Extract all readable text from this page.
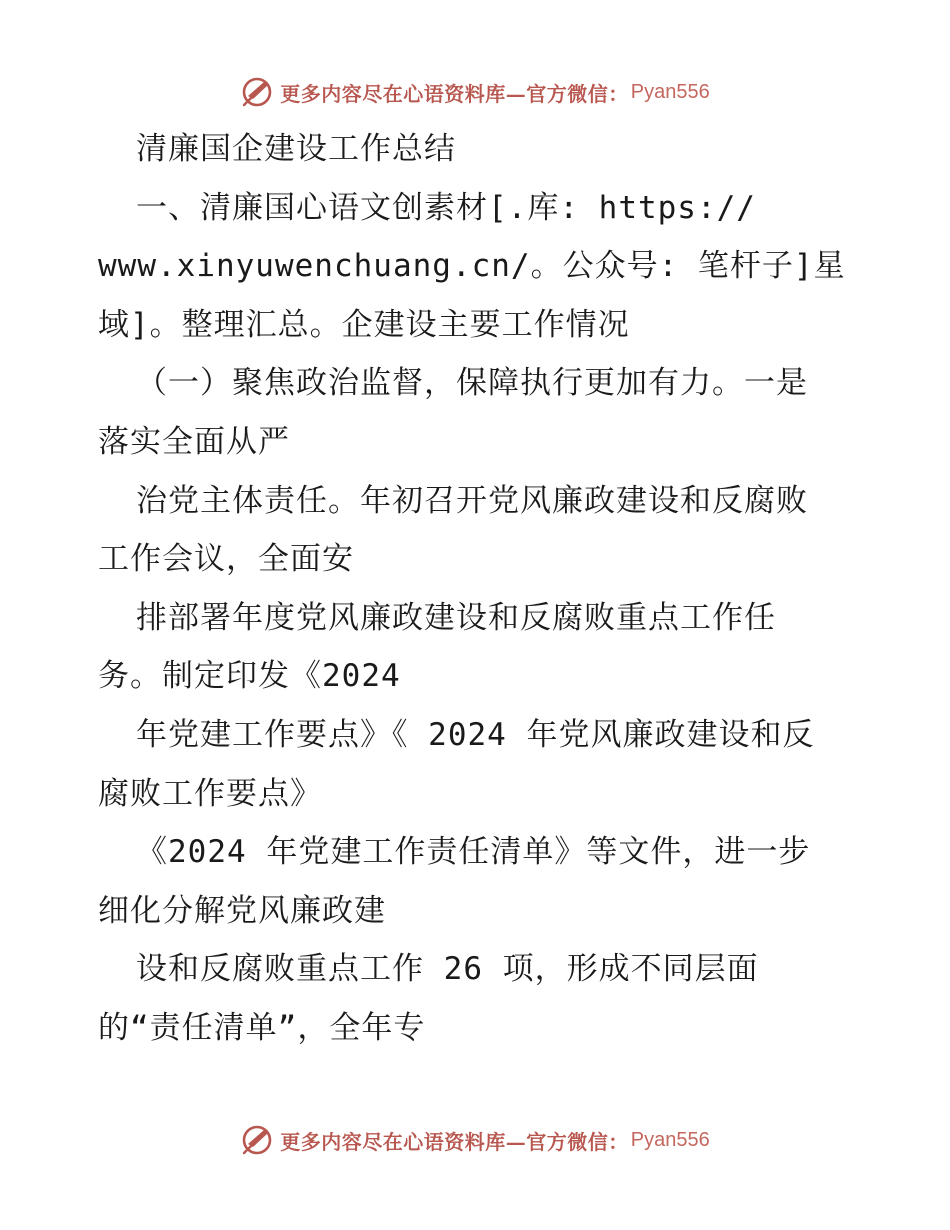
更多内容尽在心语资料库—官方微信： Pyan556
清廉国企建设工作总结
一、清廉国心语文创素材[.库: https://
www.xinyuwenchuang.cn/。公众号: 笔杆子]星
域]。整理汇总。企建设主要工作情况
（一）聚焦政治监督，保障执行更加有力。一是
落实全面从严
治党主体责任。年初召开党风廉政建设和反腐败
工作会议，全面安
排部署年度党风廉政建设和反腐败重点工作任
务。制定印发《2024
年党建工作要点》《 2024 年党风廉政建设和反
腐败工作要点》
《2024 年党建工作责任清单》等文件，进一步
细化分解党风廉政建
设和反腐败重点工作 26 项，形成不同层面
的“责任清单”，全年专
更多内容尽在心语资料库—官方微信： Pyan556
